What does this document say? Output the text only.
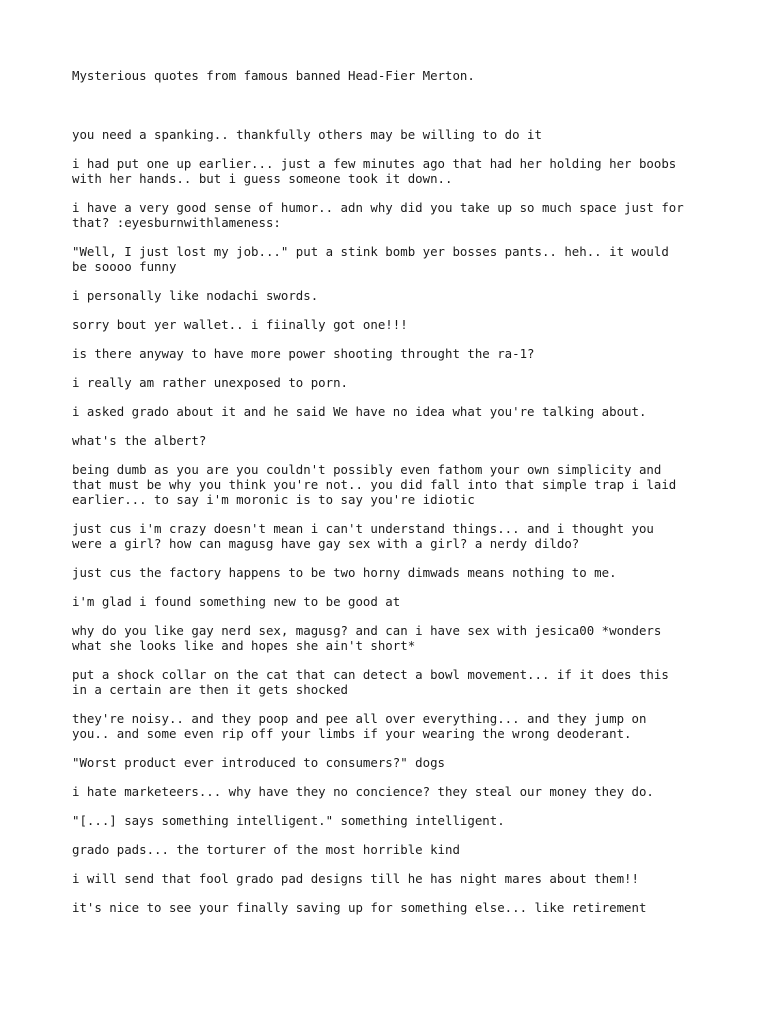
Mysterious quotes from famous banned Head-Fier Merton.
you need a spanking.. thankfully others may be willing to do it
i had put one up earlier... just a few minutes ago that had her holding her boobs
with her hands.. but i guess someone took it down..
i have a very good sense of humor.. adn why did you take up so much space just for
that? :eyesburnwithlameness:
"Well, I just lost my job..." put a stink bomb yer bosses pants.. heh.. it would
be soooo funny
i personally like nodachi swords.
sorry bout yer wallet.. i fiinally got one!!!
is there anyway to have more power shooting throught the ra-1?
i really am rather unexposed to porn.
i asked grado about it and he said We have no idea what you're talking about.
what's the albert?
being dumb as you are you couldn't possibly even fathom your own simplicity and
that must be why you think you're not.. you did fall into that simple trap i laid
earlier... to say i'm moronic is to say you're idiotic
just cus i'm crazy doesn't mean i can't understand things... and i thought you
were a girl? how can magusg have gay sex with a girl? a nerdy dildo?
just cus the factory happens to be two horny dimwads means nothing to me.
i'm glad i found something new to be good at
why do you like gay nerd sex, magusg? and can i have sex with jesica00 *wonders
what she looks like and hopes she ain't short*
put a shock collar on the cat that can detect a bowl movement... if it does this
in a certain are then it gets shocked
they're noisy.. and they poop and pee all over everything... and they jump on
you.. and some even rip off your limbs if your wearing the wrong deoderant.
"Worst product ever introduced to consumers?" dogs
i hate marketeers... why have they no concience? they steal our money they do.
"[...] says something intelligent." something intelligent.
grado pads... the torturer of the most horrible kind
i will send that fool grado pad designs till he has night mares about them!!
it's nice to see your finally saving up for something else... like retirement
